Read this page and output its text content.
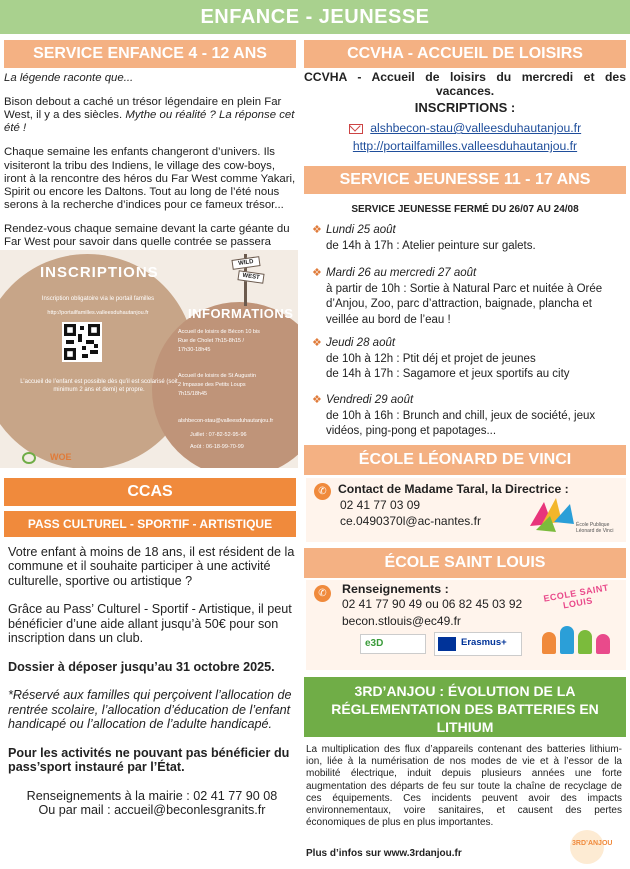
ENFANCE - JEUNESSE
SERVICE ENFANCE 4 - 12 ANS

La légende raconte que...

Bison debout a caché un trésor légendaire en plein Far West, il y a des siècles. Mythe ou réalité ? La réponse cet été !

Chaque semaine les enfants changeront d’univers. Ils visiteront la tribu des Indiens, le village des cow-boys, iront à la rencontre des héros du Far West comme Yakari, Spirit ou encore les Daltons. Tout au long de l’été nous serons à la recherche d’indices pour ce fameux trésor...

Rendez-vous chaque semaine devant la carte géante du Far West pour savoir dans quelle contrée se passera

INSCRIPTIONS
Inscription obligatoire via le portail familles
http://portailfamilles.valleesduhautanjou.fr
L’accueil de l’enfant est possible dès qu’il est scolarisé (soit minimum 2 ans et demi) et propre.
WILD
WEST
INFORMATIONS
Accueil de loisirs de Bécon 10 bis Rue de Cholet 7h15-8h15 / 17h30-18h45
Accueil de loisirs de St Augustin 2 Impasse des Petits Loups 7h15/18h45
alshbecon-stau@valleesduhautanjou.fr
Juillet : 07-82-52-95-96
Août : 06-18-99-70-99
WOE
CCAS
PASS CULTUREL - SPORTIF - ARTISTIQUE

Votre enfant à moins de 18 ans, il est résident de la commune et il souhaite participer à une activité culturelle, sportive ou artistique ?

Grâce au Pass’ Culturel - Sportif - Artistique, il peut bénéficier d’une aide allant jusqu’à 50€ pour son inscription dans un club.

Dossier à déposer jusqu’au 31 octobre 2025.

*Réservé aux familles qui perçoivent l’allocation de rentrée scolaire, l’allocation d’éducation de l’enfant handicapé ou l’allocation de l’adulte handicapé.

Pour les activités ne pouvant pas bénéficier du pass’sport instauré par l’État.

Renseignements à la mairie : 02 41 77 90 08

Ou par mail : accueil@beconlesgranits.fr

CCVHA - ACCUEIL DE LOISIRS

CCVHA - Accueil de loisirs du mercredi et des vacances.

INSCRIPTIONS :

alshbecon-stau@valleesduhautanjou.fr
http://portailfamilles.valleesduhautanjou.fr
SERVICE JEUNESSE 11 - 17 ANS
SERVICE JEUNESSE FERMÉ DU 26/07 AU 24/08
❖ Lundi 25 août
de 14h à 17h : Atelier peinture sur galets.
❖ Mardi 26 au mercredi 27 août
à partir de 10h : Sortie à Natural Parc et nuitée à Orée d’Anjou, Zoo, parc d’attraction, baignade, plancha et veillée au bord de l’eau !
❖ Jeudi 28 août
de 10h à 12h : Ptit déj et projet de jeunes
de 14h à 17h : Sagamore et jeux sportifs au city
❖ Vendredi 29 août
de 10h à 16h : Brunch and chill, jeux de société, jeux vidéos, ping-pong et papotages...
ÉCOLE LÉONARD DE VINCI
✆ Contact de Madame Taral, la Directrice :
02 41 77 03 09
ce.0490370l@ac-nantes.fr	École Publique Léonard de Vinci
ÉCOLE SAINT LOUIS
✆	Renseignements :
02 41 77 90 49 ou 06 82 45 03 92
becon.stlouis@ec49.fr
e3D	Erasmus+
ECOLE SAINT LOUIS
3RD’ANJOU : ÉVOLUTION DE LA RÉGLEMENTATION DES BATTERIES EN LITHIUM
La multiplication des flux d’appareils contenant des batteries lithium-ion, liée à la numérisation de nos modes de vie et à l’essor de la mobilité électrique, induit depuis plusieurs années une forte augmentation des départs de feu sur toute la chaîne de recyclage de ces équipements. Ces incidents peuvent avoir des impacts environnementaux, voire sanitaires, et causent des pertes économiques de plus en plus importantes.
Plus d’infos sur www.3rdanjou.fr
3RD’ANJOU
